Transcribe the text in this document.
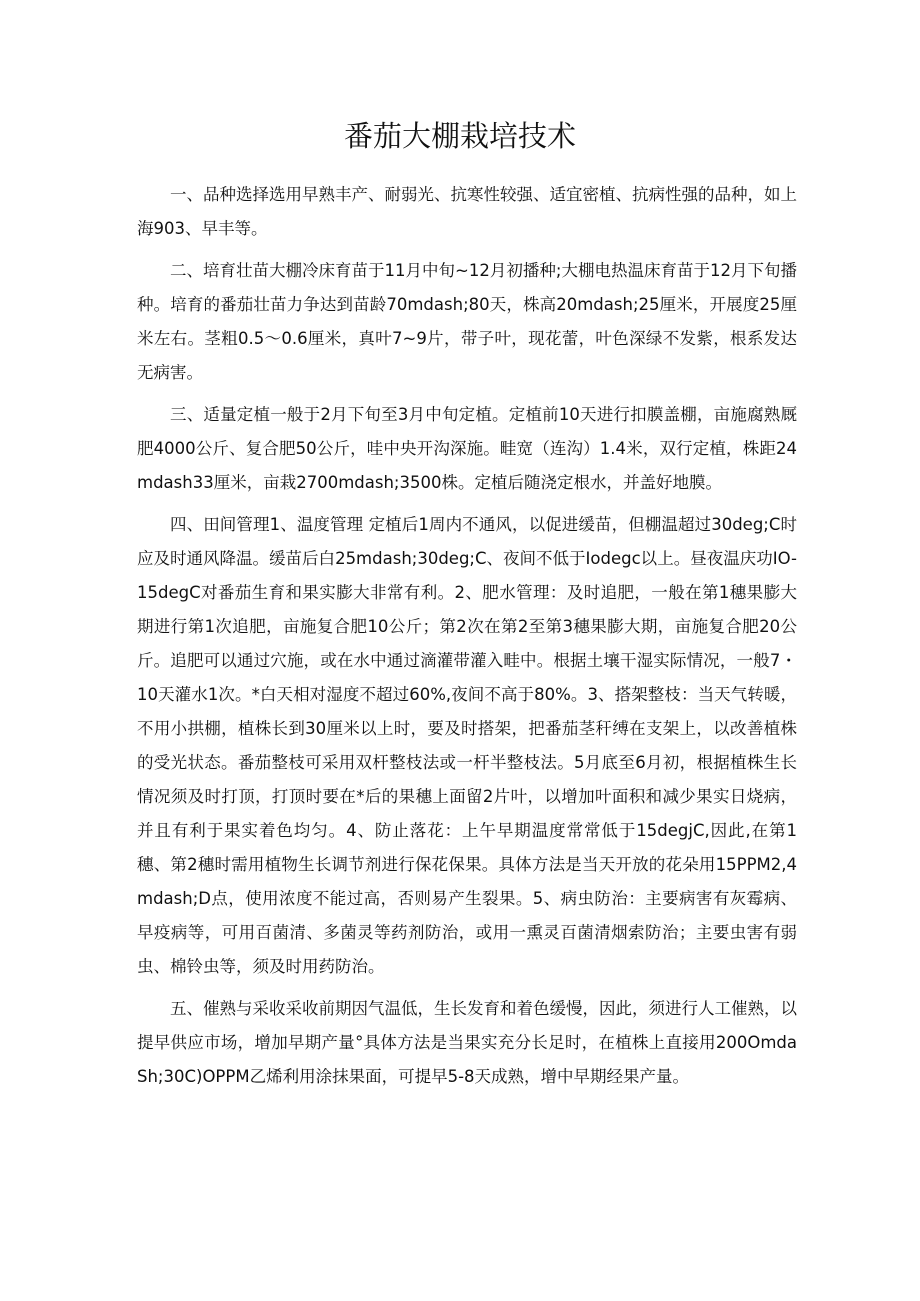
番茄大棚栽培技术

一、品种选择选用早熟丰产、耐弱光、抗寒性较强、适宜密植、抗病性强的品种，如上海903、早丰等。

二、培育壮苗大棚冷床育苗于11月中旬~12月初播种;大棚电热温床育苗于12月下旬播种。培育的番茄壮苗力争达到苗龄70mdash;80天，株高20mdash;25厘米，开展度25厘米左右。茎粗0.5～0.6厘米，真叶7~9片，带子叶，现花蕾，叶色深绿不发紫，根系发达无病害。

三、适量定植一般于2月下旬至3月中旬定植。定植前10天进行扣膜盖棚，亩施腐熟厩肥4000公斤、复合肥50公斤，哇中央开沟深施。畦宽（连沟）1.4米，双行定植，株距24mdash33厘米，亩栽2700mdash;3500株。定植后随浇定根水，并盖好地膜。

四、田间管理1、温度管理 定植后1周内不通风，以促进缓苗，但棚温超过30deg;C时应及时通风降温。缓苗后白25mdash;30deg;C、夜间不低于Iodegc以上。昼夜温庆功IO-15degC对番茄生育和果实膨大非常有利。2、肥水管理：及时追肥，一般在第1穗果膨大期进行第1次追肥，亩施复合肥10公斤；第2次在第2至第3穗果膨大期，亩施复合肥20公斤。追肥可以通过穴施，或在水中通过滴灌带灌入畦中。根据土壤干湿实际情况，一般7・10天灌水1次。*白天相对湿度不超过60%,夜间不高于80%。3、搭架整枝：当天气转暖，不用小拱棚，植株长到30厘米以上时，要及时搭架，把番茄茎秆缚在支架上，以改善植株的受光状态。番茄整枝可采用双杆整枝法或一杆半整枝法。5月底至6月初，根据植株生长情况须及时打顶，打顶时要在*后的果穗上面留2片叶，以增加叶面积和减少果实日烧病，并且有利于果实着色均匀。4、防止落花：上午早期温度常常低于15degjC,因此,在第1穗、第2穗时需用植物生长调节剂进行保花保果。具体方法是当天开放的花朵用15PPM2,4mdash;D点，使用浓度不能过高，否则易产生裂果。5、病虫防治：主要病害有灰霉病、早疫病等，可用百菌清、多菌灵等药剂防治，或用一熏灵百菌清烟索防治；主要虫害有弱虫、棉铃虫等，须及时用药防治。

五、催熟与采收采收前期因气温低，生长发育和着色缓慢，因此，须进行人工催熟，以提早供应市场，增加早期产量°具体方法是当果实充分长足时，在植株上直接用200OmdaSh;30C)OPPM乙烯利用涂抹果面，可提早5-8天成熟，增中早期经果产量。
